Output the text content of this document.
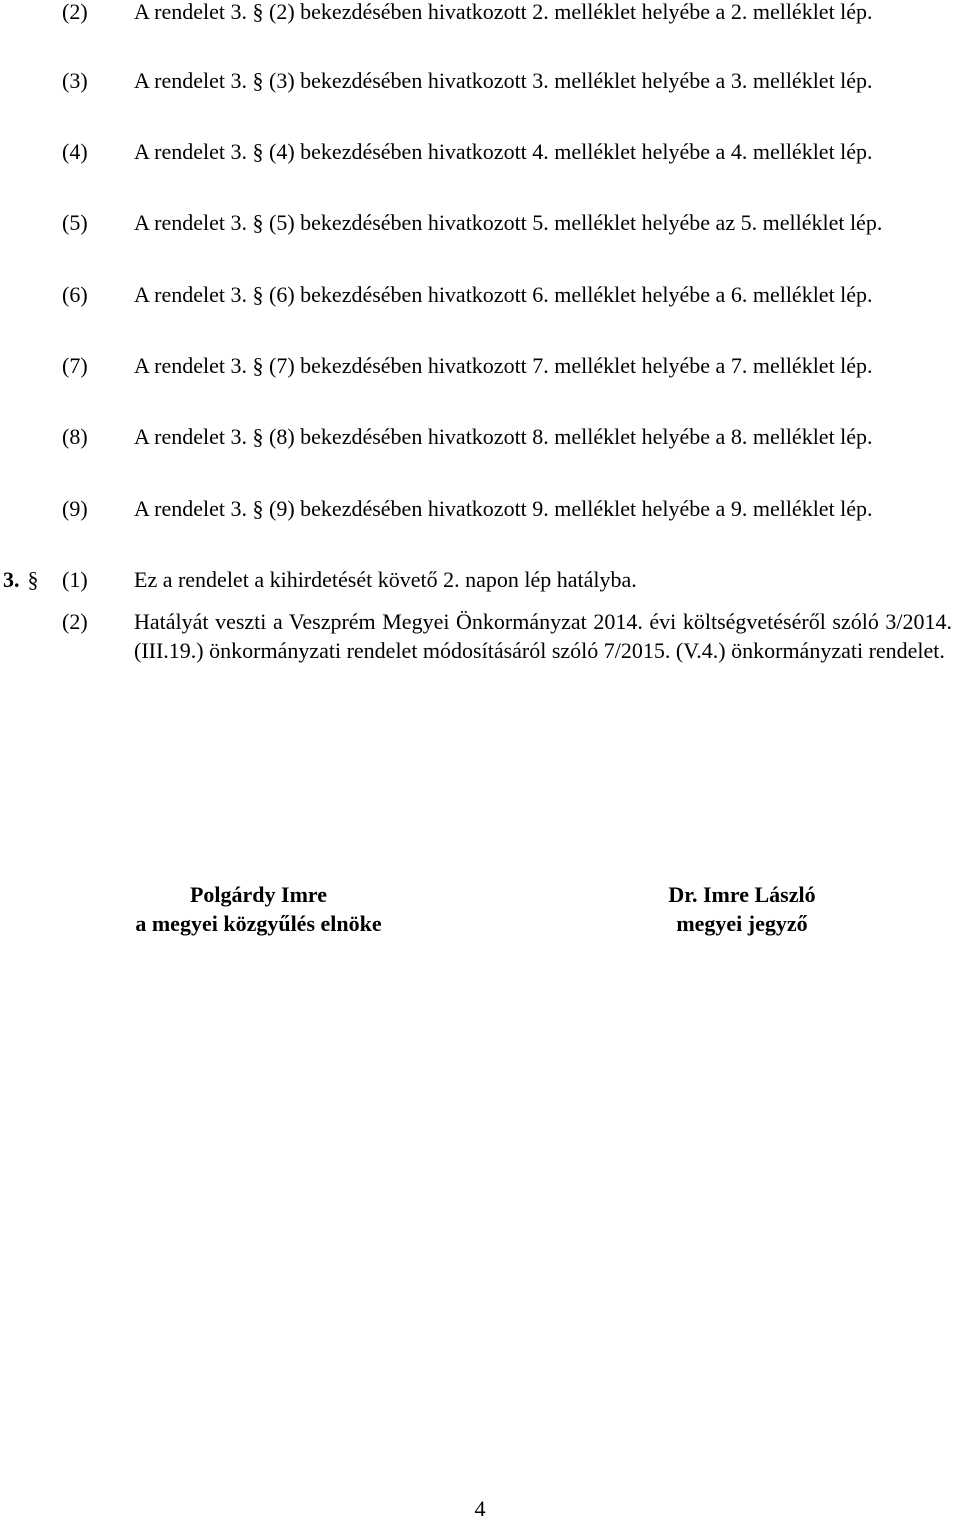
(2) A rendelet 3. § (2) bekezdésében hivatkozott 2. melléklet helyébe a 2. melléklet lép.
(3) A rendelet 3. § (3) bekezdésében hivatkozott 3. melléklet helyébe a 3. melléklet lép.
(4) A rendelet 3. § (4) bekezdésében hivatkozott 4. melléklet helyébe a 4. melléklet lép.
(5) A rendelet 3. § (5) bekezdésében hivatkozott 5. melléklet helyébe az 5. melléklet lép.
(6) A rendelet 3. § (6) bekezdésében hivatkozott 6. melléklet helyébe a 6. melléklet lép.
(7) A rendelet 3. § (7) bekezdésében hivatkozott 7. melléklet helyébe a 7. melléklet lép.
(8) A rendelet 3. § (8) bekezdésében hivatkozott 8. melléklet helyébe a 8. melléklet lép.
(9) A rendelet 3. § (9) bekezdésében hivatkozott 9. melléklet helyébe a 9. melléklet lép.
3. § (1) Ez a rendelet a kihirdetését követő 2. napon lép hatályba.
(2) Hatályát veszti a Veszprém Megyei Önkormányzat 2014. évi költségvetéséről szóló 3/2014. (III.19.) önkormányzati rendelet módosításáról szóló 7/2015. (V.4.) önkormányzati rendelet.
Polgárdy Imre
a megyei közgyűlés elnöke
Dr. Imre László
megyei jegyző
4
